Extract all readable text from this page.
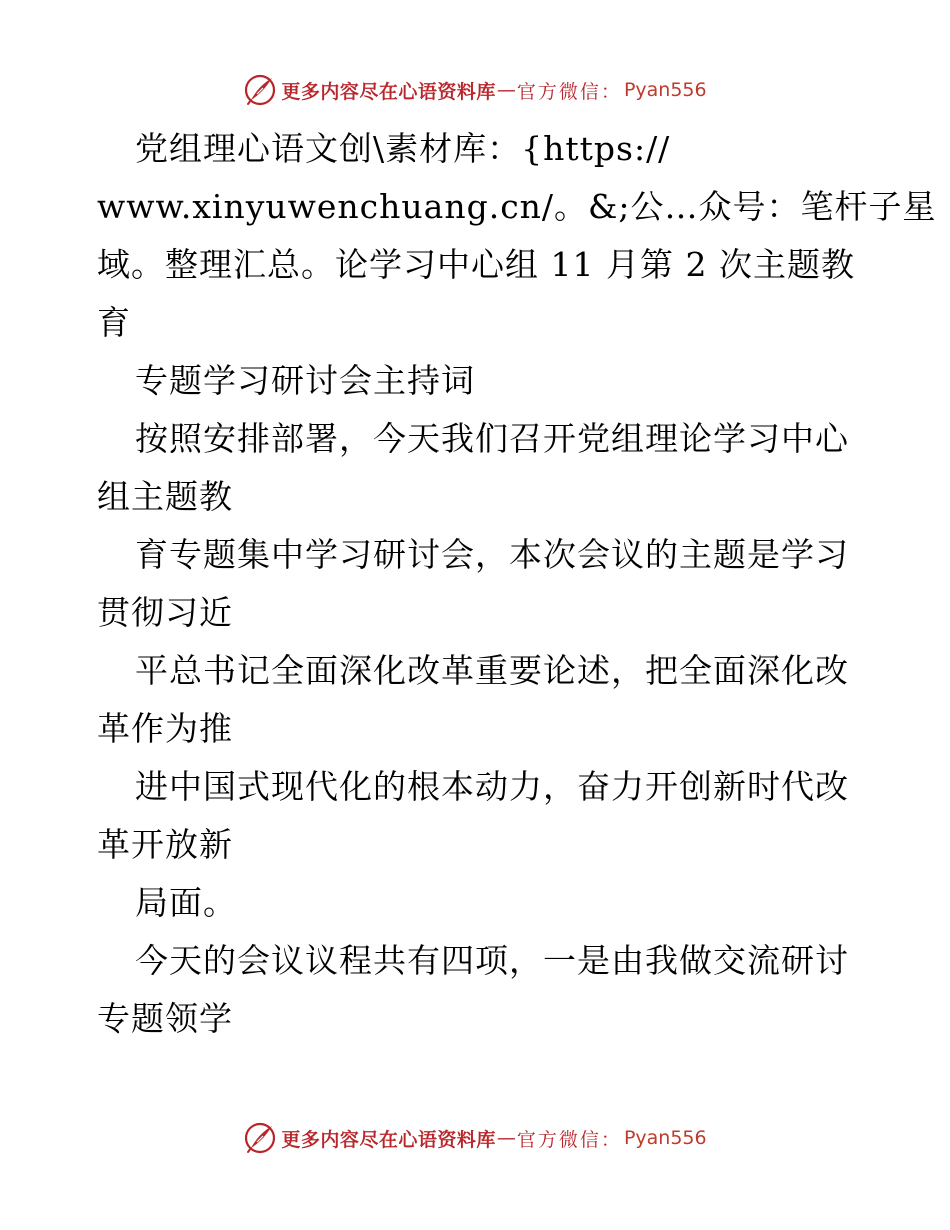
更多内容尽在心语资料库 — 官方微信： Pyan556
党组理心语文创\素材库：{https://
www.xinyuwenchuang.cn/。&;公…众号：笔杆子星
域。整理汇总。论学习中心组 11 月第 2 次主题教
育
专题学习研讨会主持词
按照安排部署，今天我们召开党组理论学习中心
组主题教
育专题集中学习研讨会，本次会议的主题是学习
贯彻习近
平总书记全面深化改革重要论述，把全面深化改
革作为推
进中国式现代化的根本动力，奋力开创新时代改
革开放新
局面。
今天的会议议程共有四项，一是由我做交流研讨
专题领学
更多内容尽在心语资料库 — 官方微信： Pyan556
